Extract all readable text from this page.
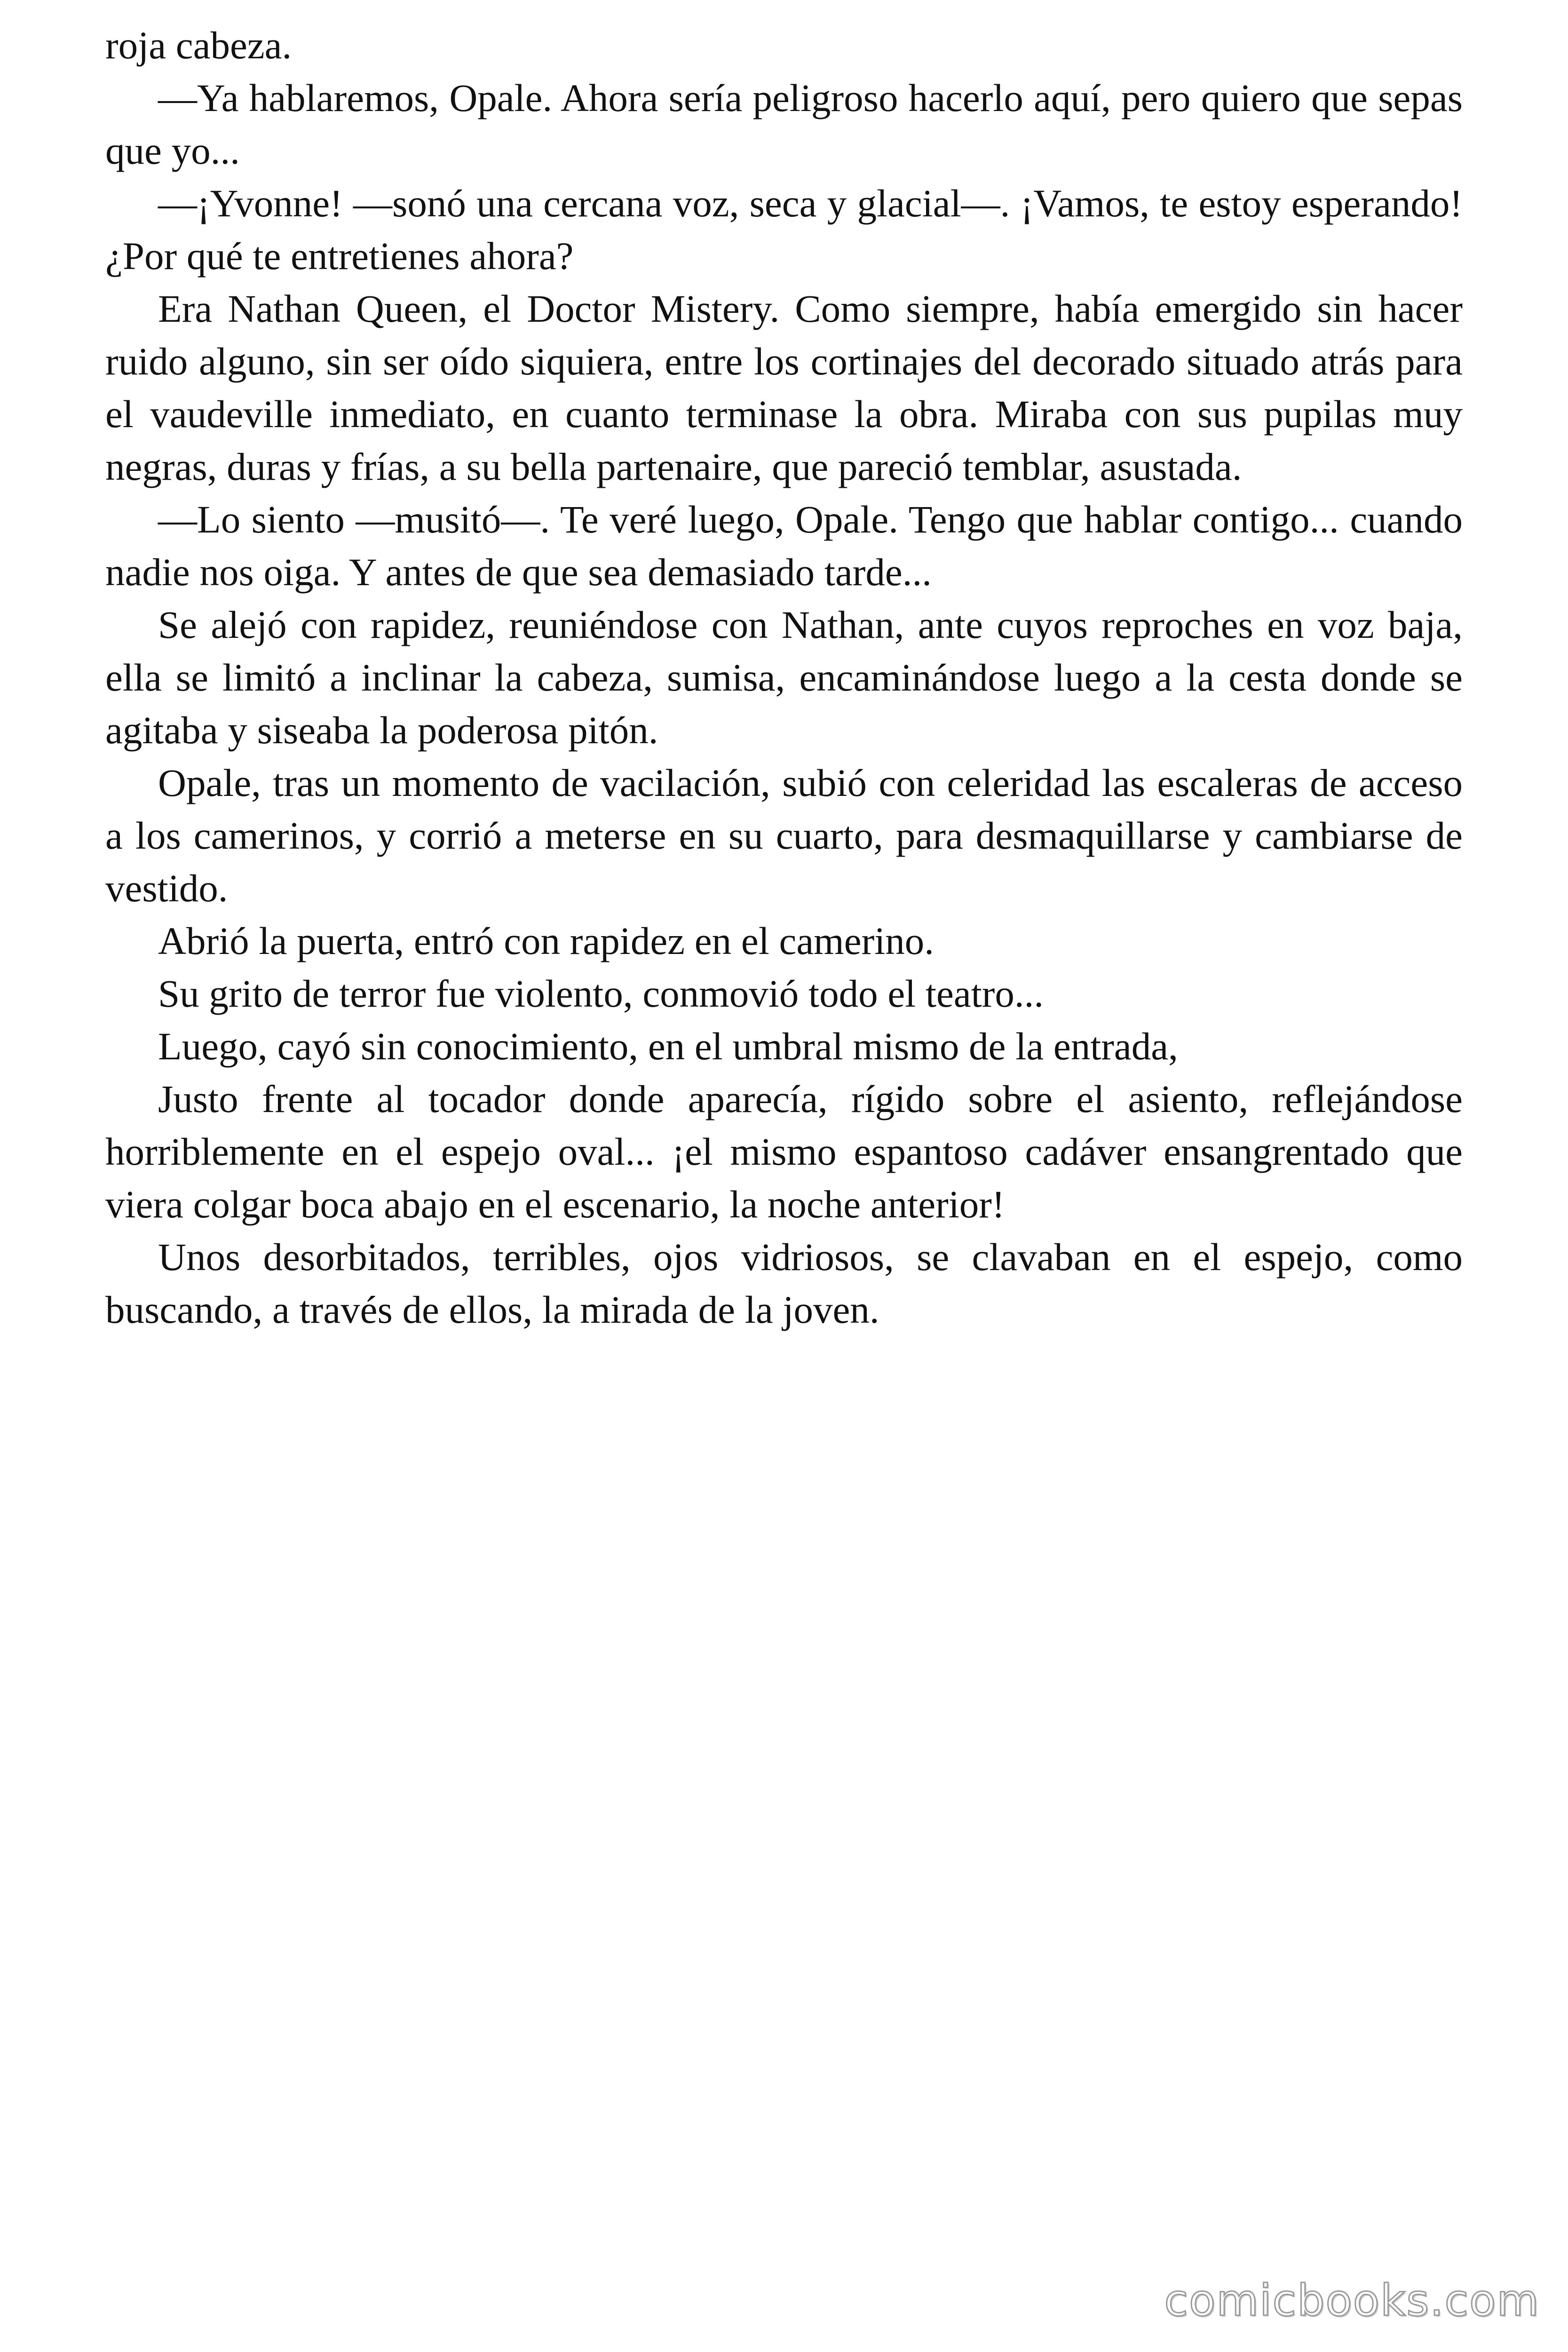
roja cabeza.

—Ya hablaremos, Opale. Ahora sería peligroso hacerlo aquí, pero quiero que sepas que yo...

—¡Yvonne! —sonó una cercana voz, seca y glacial—. ¡Vamos, te estoy esperando! ¿Por qué te entretienes ahora?

Era Nathan Queen, el Doctor Mistery. Como siempre, había emergido sin hacer ruido alguno, sin ser oído siquiera, entre los cortinajes del decorado situado atrás para el vaudeville inmediato, en cuanto terminase la obra. Miraba con sus pupilas muy negras, duras y frías, a su bella partenaire, que pareció temblar, asustada.

—Lo siento —musitó—. Te veré luego, Opale. Tengo que hablar contigo... cuando nadie nos oiga. Y antes de que sea demasiado tarde...

Se alejó con rapidez, reuniéndose con Nathan, ante cuyos reproches en voz baja, ella se limitó a inclinar la cabeza, sumisa, encaminándose luego a la cesta donde se agitaba y siseaba la poderosa pitón.

Opale, tras un momento de vacilación, subió con celeridad las escaleras de acceso a los camerinos, y corrió a meterse en su cuarto, para desmaquillarse y cambiarse de vestido.

Abrió la puerta, entró con rapidez en el camerino.

Su grito de terror fue violento, conmovió todo el teatro...

Luego, cayó sin conocimiento, en el umbral mismo de la entrada,

Justo frente al tocador donde aparecía, rígido sobre el asiento, reflejándose horriblemente en el espejo oval... ¡el mismo espantoso cadáver ensangrentado que viera colgar boca abajo en el escenario, la noche anterior!

Unos desorbitados, terribles, ojos vidriosos, se clavaban en el espejo, como buscando, a través de ellos, la mirada de la joven.

comicbooks.com
